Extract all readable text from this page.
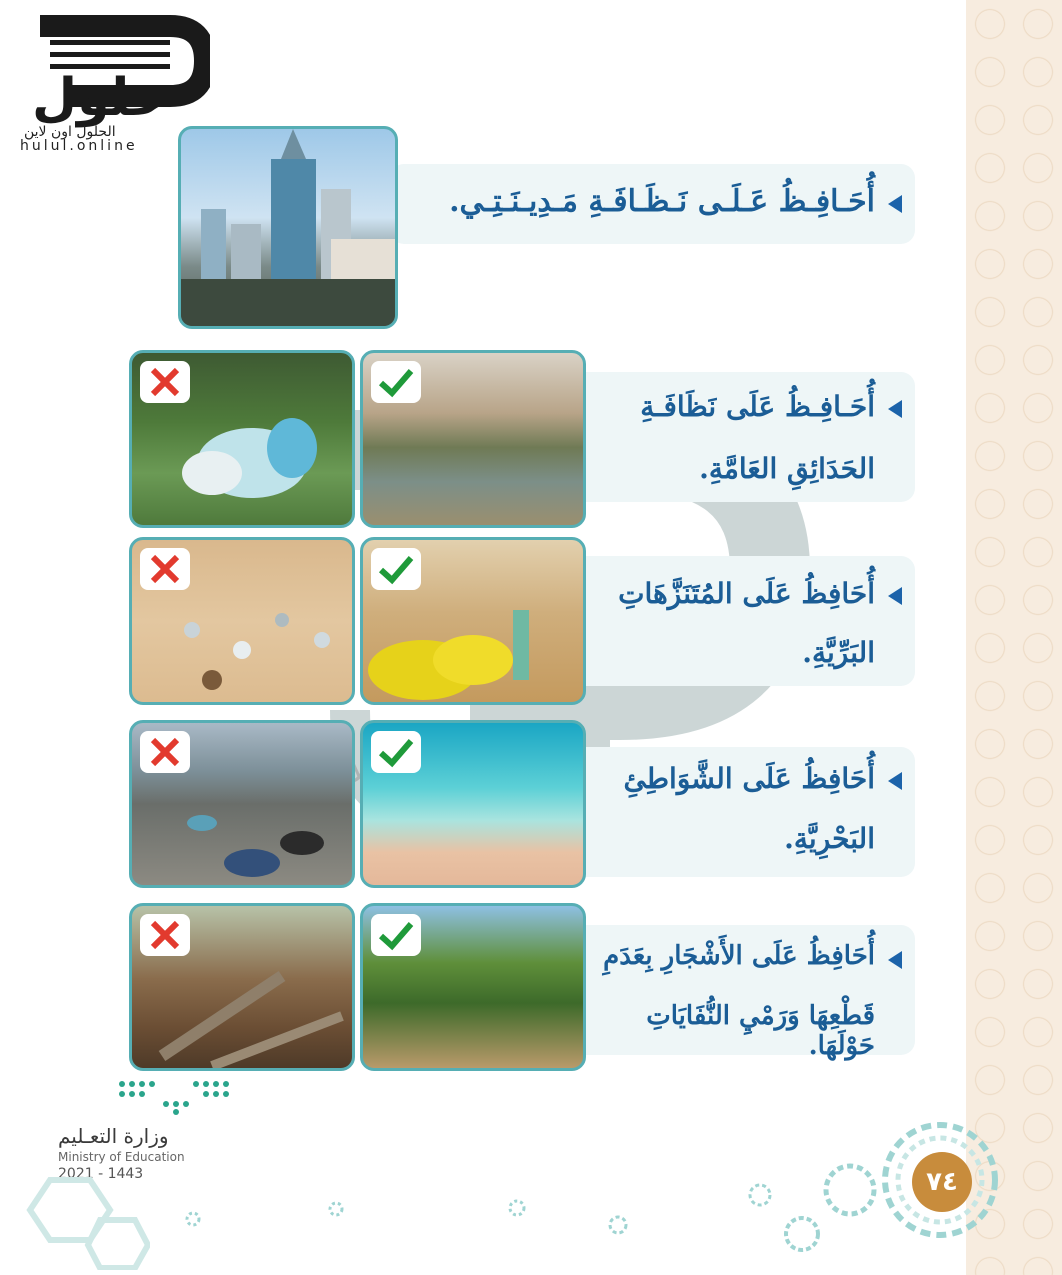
حلول
الحلول اون لاين
hulul.online
أُحَـافِـظُ عَـلَـى نَـظَـافَـةِ مَـدِيـنَـتِـي.
أُحَـافِـظُ عَلَى نَظَافَـةِ
الحَدَائِقِ العَامَّةِ.
أُحَافِظُ عَلَى المُتَنَزَّهَاتِ
البَرِّيَّةِ.
أُحَافِظُ عَلَى الشَّوَاطِئِ
البَحْرِيَّةِ.
أُحَافِظُ عَلَى الأَشْجَارِ بِعَدَمِ
قَطْعِهَا وَرَمْيِ النُّفَايَاتِ حَوْلَهَا.
وزارة التعـليم
Ministry of Education
2021 - 1443	٧٤
